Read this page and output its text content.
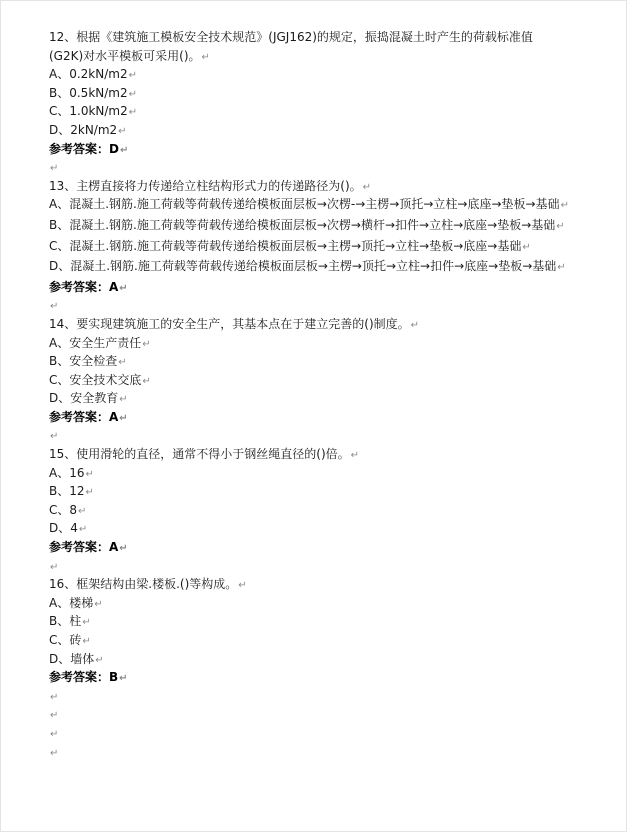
12、根据《建筑施工模板安全技术规范》(JGJ162)的规定，振捣混凝土时产生的荷载标准值
(G2K)对水平模板可采用()。↵
A、0.2kN/m2↵
B、0.5kN/m2↵
C、1.0kN/m2↵
D、2kN/m2↵
参考答案：D↵
↵
13、主楞直接将力传递给立柱结构形式力的传递路径为()。↵
A、混凝土.钢筋.施工荷载等荷载传递给模板面层板→次楞-→主楞→顶托→立柱→底座→垫板→基础↵
B、混凝土.钢筋.施工荷载等荷载传递给模板面层板→次楞→横杆→扣件→立柱→底座→垫板→基础↵
C、混凝土.钢筋.施工荷载等荷载传递给模板面层板→主楞→顶托→立柱→垫板→底座→基础↵
D、混凝土.钢筋.施工荷载等荷载传递给模板面层板→主楞→顶托→立柱→扣件→底座→垫板→基础↵
参考答案：A↵
↵
14、要实现建筑施工的安全生产，其基本点在于建立完善的()制度。↵
A、安全生产责任↵
B、安全检查↵
C、安全技术交底↵
D、安全教育↵
参考答案：A↵
↵
15、使用滑轮的直径，通常不得小于钢丝绳直径的()倍。↵
A、16↵
B、12↵
C、8↵
D、4↵
参考答案：A↵
↵
16、框架结构由梁.楼板.()等构成。↵
A、楼梯↵
B、柱↵
C、砖↵
D、墙体↵
参考答案：B↵
↵
↵
↵
↵
